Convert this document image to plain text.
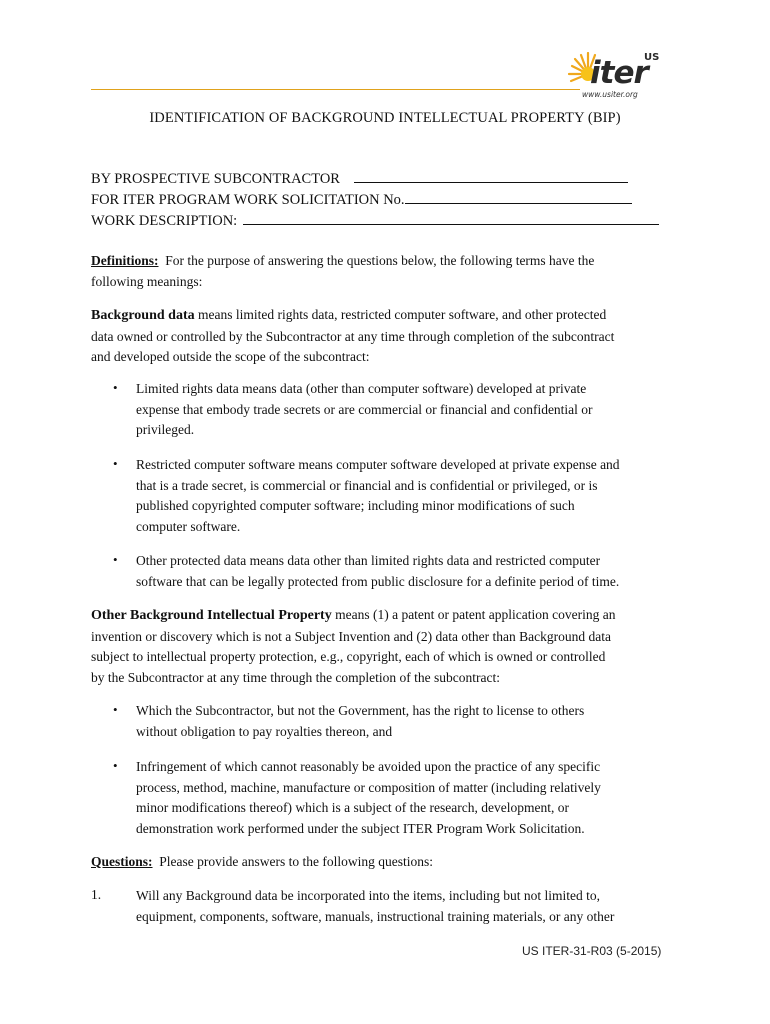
US
iter
www.usiter.org
IDENTIFICATION OF BACKGROUND INTELLECTUAL PROPERTY (BIP)
BY PROSPECTIVE SUBCONTRACTOR
FOR ITER PROGRAM WORK SOLICITATION No.
WORK DESCRIPTION:
Definitions: For the purpose of answering the questions below, the following terms have the
following meanings:
Background data means limited rights data, restricted computer software, and other protected
data owned or controlled by the Subcontractor at any time through completion of the subcontract
and developed outside the scope of the subcontract:
• Limited rights data means data (other than computer software) developed at private
expense that embody trade secrets or are commercial or financial and confidential or
privileged.
• Restricted computer software means computer software developed at private expense and
that is a trade secret, is commercial or financial and is confidential or privileged, or is
published copyrighted computer software; including minor modifications of such
computer software.
• Other protected data means data other than limited rights data and restricted computer
software that can be legally protected from public disclosure for a definite period of time.
Other Background Intellectual Property means (1) a patent or patent application covering an
invention or discovery which is not a Subject Invention and (2) data other than Background data
subject to intellectual property protection, e.g., copyright, each of which is owned or controlled
by the Subcontractor at any time through the completion of the subcontract:
• Which the Subcontractor, but not the Government, has the right to license to others
without obligation to pay royalties thereon, and
• Infringement of which cannot reasonably be avoided upon the practice of any specific
process, method, machine, manufacture or composition of matter (including relatively
minor modifications thereof) which is a subject of the research, development, or
demonstration work performed under the subject ITER Program Work Solicitation.
Questions: Please provide answers to the following questions:
1.	Will any Background data be incorporated into the items, including but not limited to,
equipment, components, software, manuals, instructional training materials, or any other
US ITER-31-R03 (5-2015)
